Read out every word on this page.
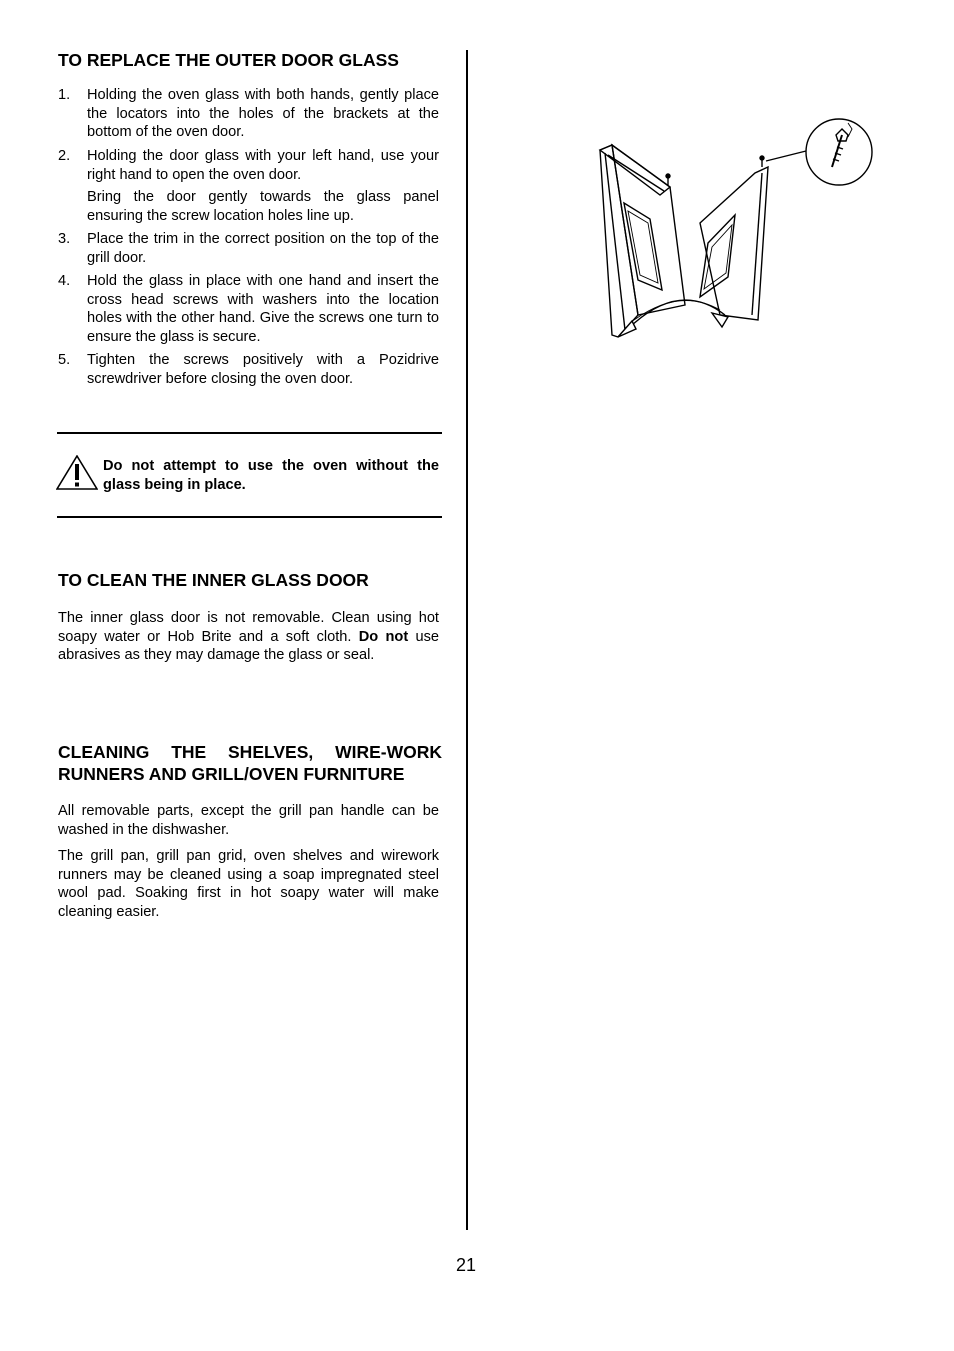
TO REPLACE THE OUTER DOOR GLASS
1. Holding the oven glass with both hands, gently place the locators into the holes of the brackets at the bottom of the oven door.
2. Holding the door glass with your left hand, use your right hand to open the oven door.
Bring the door gently towards the glass panel ensuring the screw location holes line up.
3. Place the trim in the correct position on the top of the grill door.
4. Hold the glass in place with one hand and insert the cross head screws with washers into the location holes with the other hand. Give the screws one turn to ensure the glass is secure.
5. Tighten the screws positively with a Pozidrive screwdriver before closing the oven door.
TO CLEAN THE INNER GLASS DOOR

The inner glass door is not removable. Clean using hot soapy water or Hob Brite and a soft cloth. Do not use abrasives as they may damage the glass or seal.

CLEANING THE SHELVES, WIRE-WORK RUNNERS AND GRILL/OVEN FURNITURE

All removable parts, except the grill pan handle can be washed in the dishwasher.

The grill pan, grill pan grid, oven shelves and wirework runners may be cleaned using a soap impregnated steel wool pad. Soaking first in hot soapy water will make cleaning easier.

Do not attempt to use the oven without the glass being in place.
21
